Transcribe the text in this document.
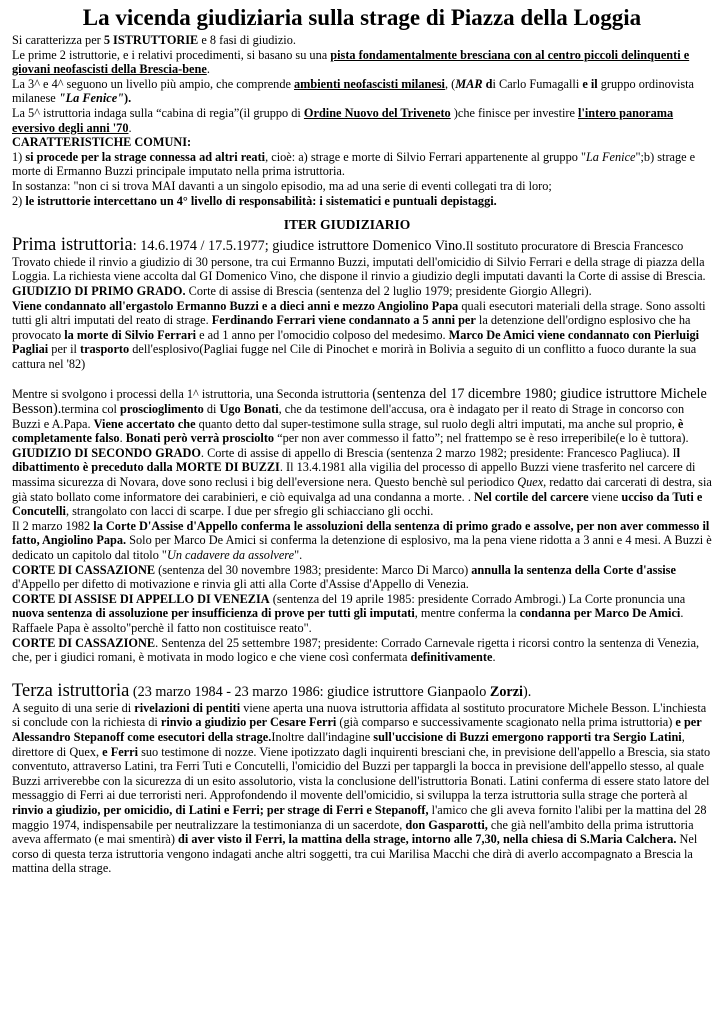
La vicenda giudiziaria sulla strage di Piazza della Loggia

Si caratterizza per 5 ISTRUTTORIE e 8 fasi di giudizio.

Le prime 2 istruttorie, e i relativi procedimenti, si basano su una pista fondamentalmente bresciana con al centro piccoli delinquenti e giovani neofascisti della Brescia-bene.

La 3^ e 4^ seguono un livello più ampio, che comprende ambienti neofascisti milanesi, (MAR di Carlo Fumagalli e il gruppo ordinovista milanese "La Fenice").

La 5^ istruttoria indaga sulla “cabina di regia”(il gruppo di Ordine Nuovo del Triveneto )che finisce per investire l'intero panorama eversivo degli anni '70.

CARATTERISTICHE COMUNI:

1) si procede per la strage connessa ad altri reati, cioè: a) strage e morte di Silvio Ferrari appartenente al gruppo "La Fenice";b) strage e morte di Ermanno Buzzi principale imputato nella prima istruttoria.

In sostanza: "non ci si trova MAI davanti a un singolo episodio, ma ad una serie di eventi collegati tra di loro;

2) le istruttorie intercettano un 4° livello di responsabilità: i sistematici e puntuali depistaggi.

ITER GIUDIZIARIO

Prima istruttoria: 14.6.1974 / 17.5.1977; giudice istruttore Domenico Vino.Il sostituto procuratore di Brescia Francesco Trovato chiede il rinvio a giudizio di 30 persone, tra cui Ermanno Buzzi, imputati dell'omicidio di Silvio Ferrari e della strage di piazza della Loggia. La richiesta viene accolta dal GI Domenico Vino, che dispone il rinvio a giudizio degli imputati davanti la Corte di assise di Brescia.

GIUDIZIO DI PRIMO GRADO. Corte di assise di Brescia (sentenza del 2 luglio 1979; presidente Giorgio Allegri).

Viene condannato all'ergastolo Ermanno Buzzi e a dieci anni e mezzo Angiolino Papa quali esecutori materiali della strage. Sono assolti tutti gli altri imputati del reato di strage. Ferdinando Ferrari viene condannato a 5 anni per la detenzione dell'ordigno esplosivo che ha provocato la morte di Silvio Ferrari e ad 1 anno per l'omocidio colposo del medesimo. Marco De Amici viene condannato con Pierluigi Pagliai per il trasporto dell'esplosivo(Pagliai fugge nel Cile di Pinochet e morirà in Bolivia a seguito di un conflitto a fuoco durante la sua cattura nel '82)

Mentre si svolgono i processi della 1^ istruttoria, una Seconda istruttoria (sentenza del 17 dicembre 1980; giudice istruttore Michele Besson).termina col proscioglimento di Ugo Bonati, che da testimone dell'accusa, ora è indagato per il reato di Strage in concorso con Buzzi e A.Papa. Viene accertato che quanto detto dal super-testimone sulla strage, sul ruolo degli altri imputati, ma anche sul proprio, è completamente falso. Bonati però verrà prosciolto “per non aver commesso il fatto”; nel frattempo se è reso irreperibile(e lo è tuttora).

GIUDIZIO DI SECONDO GRADO. Corte di assise di appello di Brescia (sentenza 2 marzo 1982; presidente: Francesco Pagliuca). Il dibattimento è preceduto dalla MORTE DI BUZZI. Il 13.4.1981 alla vigilia del processo di appello Buzzi viene trasferito nel carcere di massima sicurezza di Novara, dove sono reclusi i big dell'eversione nera. Questo benchè sul periodico Quex, redatto dai carcerati di destra, sia già stato bollato come informatore dei carabinieri, e ciò equivalga ad una condanna a morte. . Nel cortile del carcere viene ucciso da Tuti e Concutelli, strangolato con lacci di scarpe. I due per sfregio gli schiacciano gli occhi.

Il 2 marzo 1982 la Corte D'Assise d'Appello conferma le assoluzioni della sentenza di primo grado e assolve, per non aver commesso il fatto, Angiolino Papa. Solo per Marco De Amici si conferma la detenzione di esplosivo, ma la pena viene ridotta a 3 anni e 4 mesi. A Buzzi è dedicato un capitolo dal titolo "Un cadavere da assolvere".

CORTE DI CASSAZIONE (sentenza del 30 novembre 1983; presidente: Marco Di Marco) annulla la sentenza della Corte d'assise d'Appello per difetto di motivazione e rinvia gli atti alla Corte d'Assise d'Appello di Venezia.

CORTE DI ASSISE DI APPELLO DI VENEZIA (sentenza del 19 aprile 1985: presidente Corrado Ambrogi.) La Corte pronuncia una nuova sentenza di assoluzione per insufficienza di prove per tutti gli imputati, mentre conferma la condanna per Marco De Amici. Raffaele Papa è assolto"perchè il fatto non costituisce reato".

CORTE DI CASSAZIONE. Sentenza del 25 settembre 1987; presidente: Corrado Carnevale rigetta i ricorsi contro la sentenza di Venezia, che, per i giudici romani, è motivata in modo logico e che viene così confermata definitivamente.

Terza istruttoria (23 marzo 1984 - 23 marzo 1986: giudice istruttore Gianpaolo Zorzi).

A seguito di una serie di rivelazioni di pentiti viene aperta una nuova istruttoria affidata al sostituto procuratore Michele Besson. L'inchiesta si conclude con la richiesta di rinvio a giudizio per Cesare Ferri (già comparso e successivamente scagionato nella prima istruttoria) e per Alessandro Stepanoff come esecutori della strage.Inoltre dall'indagine sull'uccisione di Buzzi emergono rapporti tra Sergio Latini, direttore di Quex, e Ferri suo testimone di nozze. Viene ipotizzato dagli inquirenti bresciani che, in previsione dell'appello a Brescia, sia stato conventuto, attraverso Latini, tra Ferri Tuti e Concutelli, l'omicidio del Buzzi per tappargli la bocca in previsione dell'appello stesso, al quale Buzzi arriverebbe con la sicurezza di un esito assolutorio, vista la conclusione dell'istruttoria Bonati. Latini conferma di essere stato latore del messaggio di Ferri ai due terroristi neri. Approfondendo il movente dell'omicidio, si sviluppa la terza istruttoria sulla strage che porterà al rinvio a giudizio, per omicidio, di Latini e Ferri; per strage di Ferri e Stepanoff, l'amico che gli aveva fornito l'alibi per la mattina del 28 maggio 1974, indispensabile per neutralizzare la testimonianza di un sacerdote, don Gasparotti, che già nell'ambito della prima istruttoria aveva affermato (e mai smentirà) di aver visto il Ferri, la mattina della strage, intorno alle 7,30, nella chiesa di S.Maria Calchera. Nel corso di questa terza istruttoria vengono indagati anche altri soggetti, tra cui Marilisa Macchi che dirà di averlo accompagnato a Brescia la mattina della strage.
